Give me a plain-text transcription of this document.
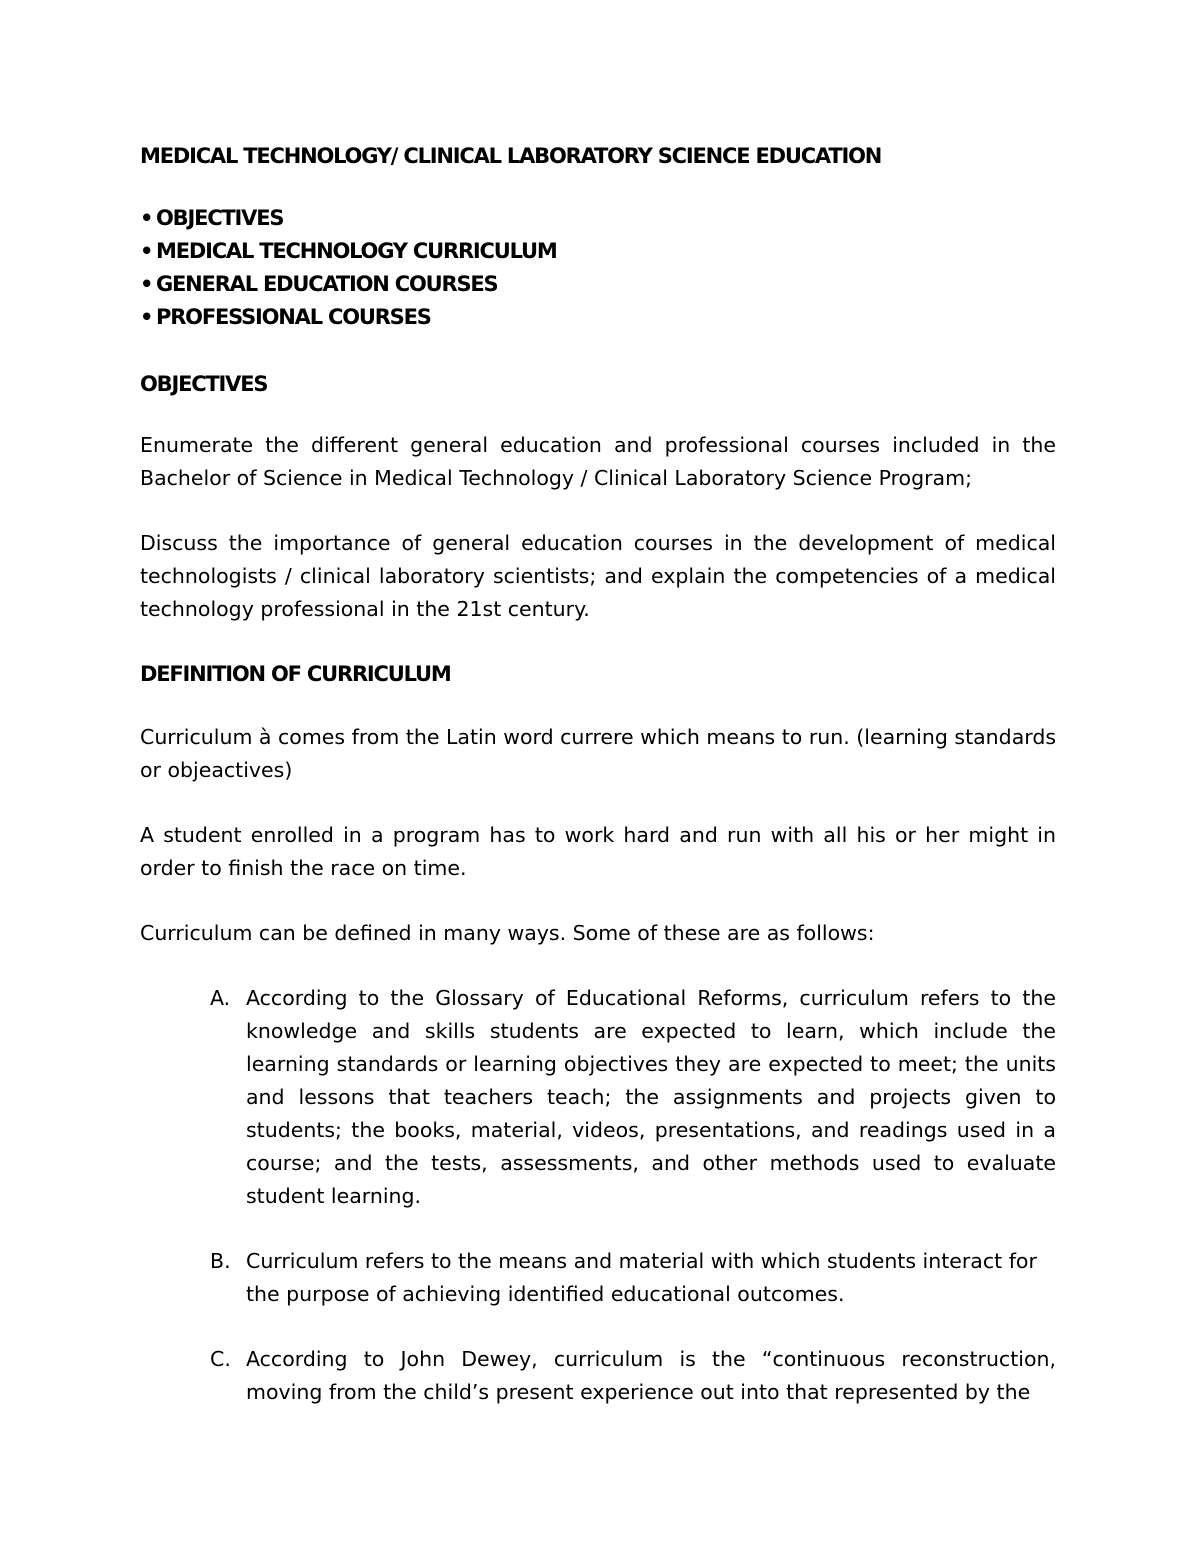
MEDICAL TECHNOLOGY/ CLINICAL LABORATORY SCIENCE EDUCATION
• OBJECTIVES
• MEDICAL TECHNOLOGY CURRICULUM
• GENERAL EDUCATION COURSES
• PROFESSIONAL COURSES
OBJECTIVES

Enumerate the different general education and professional courses included in the Bachelor of Science in Medical Technology / Clinical Laboratory Science Program;

Discuss the importance of general education courses in the development of medical technologists / clinical laboratory scientists; and explain the competencies of a medical technology professional in the 21st century.

DEFINITION OF CURRICULUM

Curriculum à comes from the Latin word currere which means to run. (learning standards or objeactives)

A student enrolled in a program has to work hard and run with all his or her might in order to finish the race on time.

Curriculum can be defined in many ways. Some of these are as follows:

A. According to the Glossary of Educational Reforms, curriculum refers to the knowledge and skills students are expected to learn, which include the learning standards or learning objectives they are expected to meet; the units and lessons that teachers teach; the assignments and projects given to students; the books, material, videos, presentations, and readings used in a course; and the tests, assessments, and other methods used to evaluate student learning.
B. Curriculum refers to the means and material with which students interact for the purpose of achieving identified educational outcomes.
C. According to John Dewey, curriculum is the “continuous reconstruction, moving from the child’s present experience out into that represented by the
